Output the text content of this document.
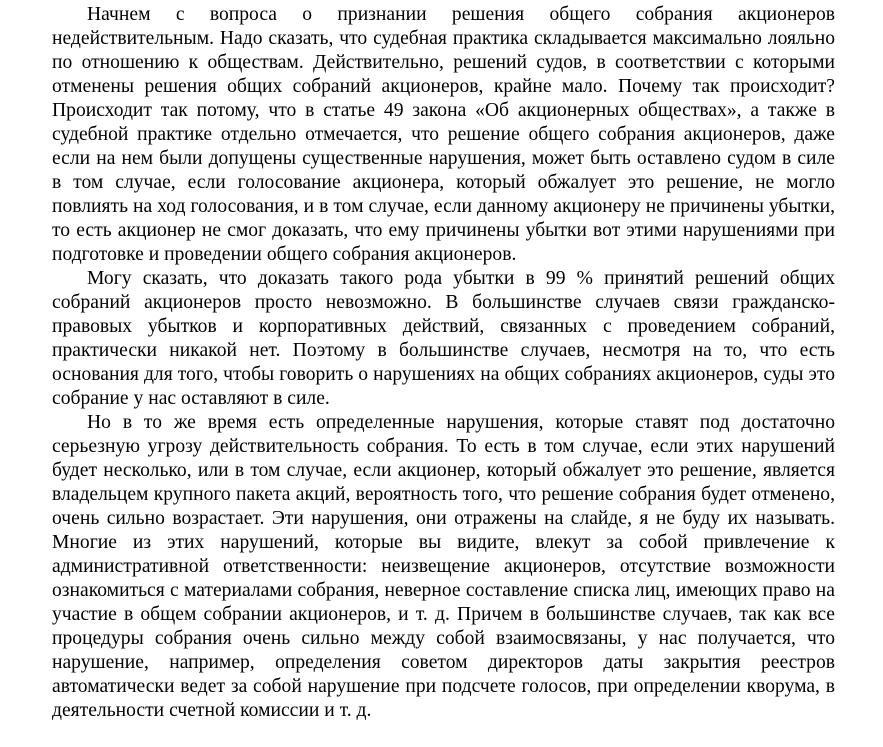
Начнем с вопроса о признании решения общего собрания акционеров недействительным. Надо сказать, что судебная практика складывается максимально лояльно по отношению к обществам. Действительно, решений судов, в соответствии с которыми отменены решения общих собраний акционеров, крайне мало. Почему так происходит? Происходит так потому, что в статье 49 закона «Об акционерных обществах», а также в судебной практике отдельно отмечается, что решение общего собрания акционеров, даже если на нем были допущены существенные нарушения, может быть оставлено судом в силе в том случае, если голосование акционера, который обжалует это решение, не могло повлиять на ход голосования, и в том случае, если данному акционеру не причинены убытки, то есть акционер не смог доказать, что ему причинены убытки вот этими нарушениями при подготовке и проведении общего собрания акционеров.

Могу сказать, что доказать такого рода убытки в 99 % принятий решений общих собраний акционеров просто невозможно. В большинстве случаев связи гражданско-правовых убытков и корпоративных действий, связанных с проведением собраний, практически никакой нет. Поэтому в большинстве случаев, несмотря на то, что есть основания для того, чтобы говорить о нарушениях на общих собраниях акционеров, суды это собрание у нас оставляют в силе.

Но в то же время есть определенные нарушения, которые ставят под достаточно серьезную угрозу действительность собрания. То есть в том случае, если этих нарушений будет несколько, или в том случае, если акционер, который обжалует это решение, является владельцем крупного пакета акций, вероятность того, что решение собрания будет отменено, очень сильно возрастает. Эти нарушения, они отражены на слайде, я не буду их называть. Многие из этих нарушений, которые вы видите, влекут за собой привлечение к административной ответственности: неизвещение акционеров, отсутствие возможности ознакомиться с материалами собрания, неверное составление списка лиц, имеющих право на участие в общем собрании акционеров, и т. д. Причем в большинстве случаев, так как все процедуры собрания очень сильно между собой взаимосвязаны, у нас получается, что нарушение, например, определения советом директоров даты закрытия реестров автоматически ведет за собой нарушение при подсчете голосов, при определении кворума, в деятельности счетной комиссии и т. д.
